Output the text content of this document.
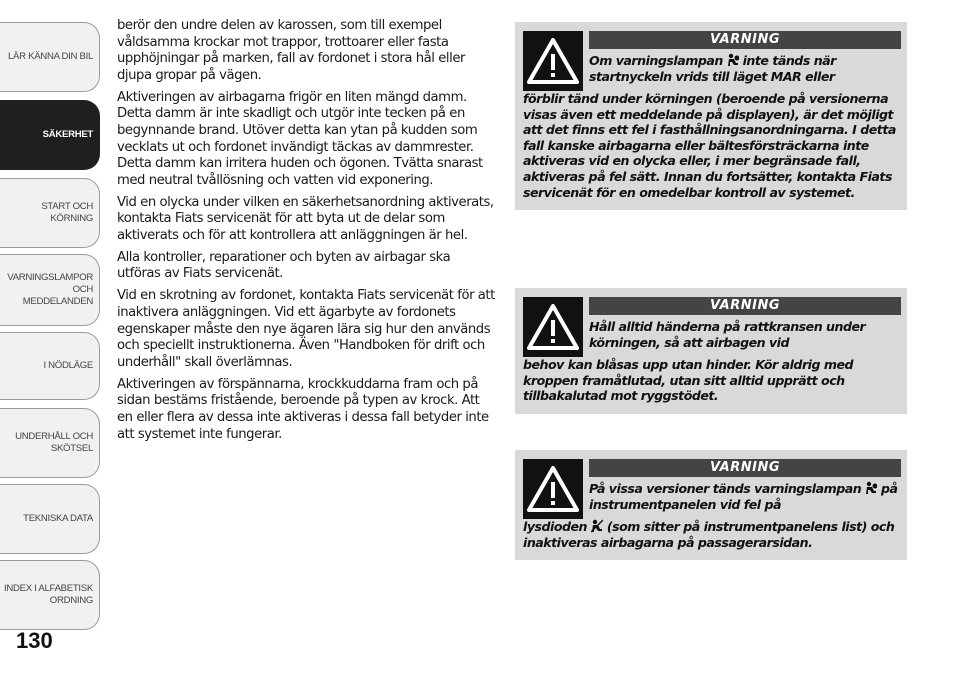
LÄR KÄNNA DIN BIL
SÄKERHET
START OCH
KÖRNING
VARNINGSLAMPOR
OCH
MEDDELANDEN
I NÖDLÄGE
UNDERHÅLL OCH
SKÖTSEL
TEKNISKA DATA
INDEX I ALFABETISK
ORDNING
130

berör den undre delen av karossen, som till exempel våldsamma krockar mot trappor, trottoarer eller fasta upphöjningar på marken, fall av fordonet i stora hål eller djupa gropar på vägen.

Aktiveringen av airbagarna frigör en liten mängd damm. Detta damm är inte skadligt och utgör inte tecken på en begynnande brand. Utöver detta kan ytan på kudden som vecklats ut och fordonet invändigt täckas av dammrester. Detta damm kan irritera huden och ögonen. Tvätta snarast med neutral tvållösning och vatten vid exponering.

Vid en olycka under vilken en säkerhetsanordning aktiverats, kontakta Fiats servicenät för att byta ut de delar som aktiverats och för att kontrollera att anläggningen är hel.

Alla kontroller, reparationer och byten av airbagar ska utföras av Fiats servicenät.

Vid en skrotning av fordonet, kontakta Fiats servicenät för att inaktivera anläggningen. Vid ett ägarbyte av fordonets egenskaper måste den nye ägaren lära sig hur den används och speciellt instruktionerna. Även "Handboken för drift och underhåll" skall överlämnas.

Aktiveringen av förspännarna, krockkuddarna fram och på sidan bestäms fristående, beroende på typen av krock. Att en eller flera av dessa inte aktiveras i dessa fall betyder inte att systemet inte fungerar.

VARNING
Om varningslampan inte tänds när startnyckeln vrids till läget MAR eller
förblir tänd under körningen (beroende på versionerna visas även ett meddelande på displayen), är det möjligt att det finns ett fel i fasthållningsanordningarna. I detta fall kanske airbagarna eller bältesförsträckarna inte aktiveras vid en olycka eller, i mer begränsade fall, aktiveras på fel sätt. Innan du fortsätter, kontakta Fiats servicenät för en omedelbar kontroll av systemet.
VARNING
Håll alltid händerna på rattkransen under körningen, så att airbagen vid
behov kan blåsas upp utan hinder. Kör aldrig med kroppen framåtlutad, utan sitt alltid upprätt och tillbakalutad mot ryggstödet.
VARNING
På vissa versioner tänds varningslampan på instrumentpanelen vid fel på
lysdioden (som sitter på instrumentpanelens list) och inaktiveras airbagarna på passagerarsidan.
